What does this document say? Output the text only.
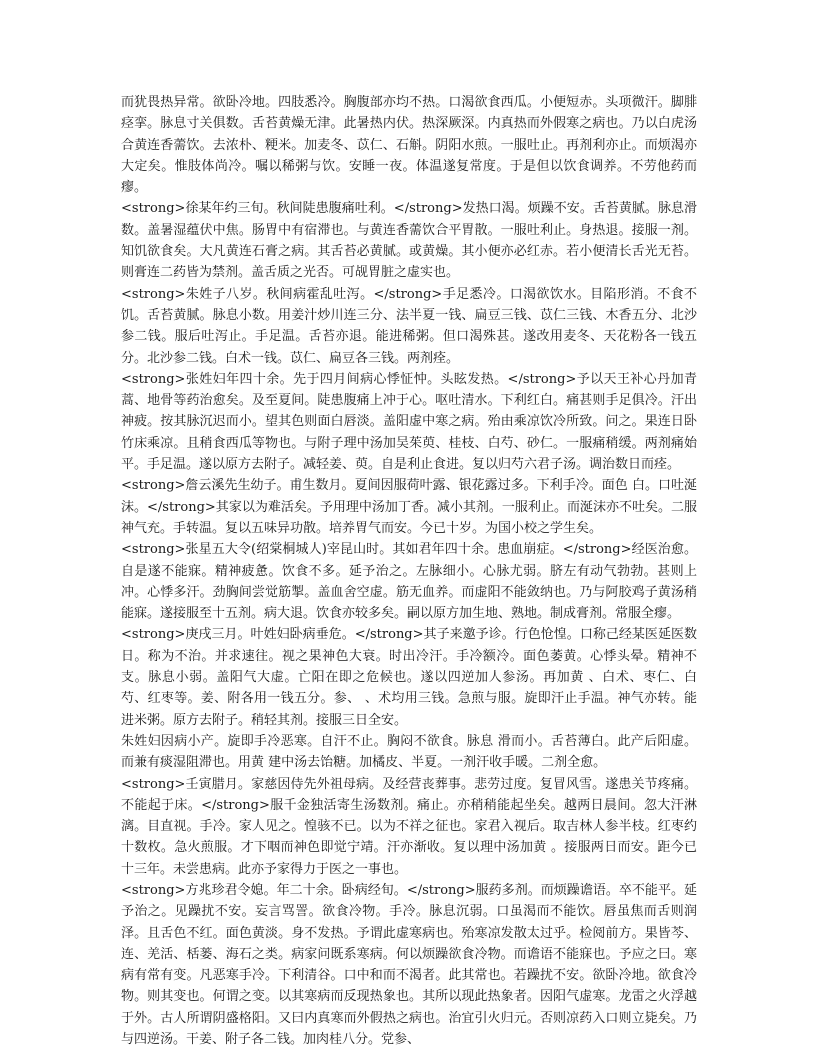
而犹畏热异常。欲卧冷地。四肢悉冷。胸腹部亦均不热。口渴欲食西瓜。小便短赤。头项微汗。脚腓痉挛。脉息寸关俱数。舌苔黄燥无津。此暑热内伏。热深厥深。内真热而外假寒之病也。乃以白虎汤合黄连香薷饮。去浓朴、粳米。加麦冬、苡仁、石斛。阴阳水煎。一服吐止。再剂利亦止。而烦渴亦大定矣。惟肢体尚冷。嘱以稀粥与饮。安睡一夜。体温遂复常度。于是但以饮食调养。不劳他药而瘳。

<strong>徐某年约三旬。秋间陡患腹痛吐利。</strong>发热口渴。烦躁不安。舌苔黄腻。脉息滑数。盖暑湿蕴伏中焦。肠胃中有宿滞也。与黄连香薷饮合平胃散。一服吐利止。身热退。接服一剂。知饥欲食矣。大凡黄连石膏之病。其舌苔必黄腻。或黄燥。其小便亦必红赤。若小便清长舌光无苔。则膏连二药皆为禁剂。盖舌质之光否。可觇胃脏之虚实也。

<strong>朱姓子八岁。秋间病霍乱吐泻。</strong>手足悉冷。口渴欲饮水。目陷形消。不食不饥。舌苔黄腻。脉息小数。用姜汁炒川连三分、法半夏一钱、扁豆三钱、苡仁三钱、木香五分、北沙参二钱。服后吐泻止。手足温。舌苔亦退。能进稀粥。但口渴殊甚。遂改用麦冬、天花粉各一钱五分。北沙参二钱。白术一钱。苡仁、扁豆各三钱。两剂痊。

<strong>张姓妇年四十余。先于四月间病心悸怔忡。头眩发热。</strong>予以天王补心丹加青蒿、地骨等药治愈矣。及至夏间。陡患腹痛上冲于心。呕吐清水。下利红白。痛甚则手足俱冷。汗出神疲。按其脉沉迟而小。望其色则面白唇淡。盖阳虚中寒之病。殆由乘凉饮冷所致。问之。果连日卧竹床乘凉。且稍食西瓜等物也。与附子理中汤加吴茱萸、桂枝、白芍、砂仁。一服痛稍缓。两剂痛始平。手足温。遂以原方去附子。减轻姜、萸。自是利止食进。复以归芍六君子汤。调治数日而痊。

<strong>詹云溪先生幼子。甫生数月。夏间因服荷叶露、银花露过多。下利手冷。面色 白。口吐涎沫。</strong>其家以为难活矣。予用理中汤加丁香。减小其剂。一服利止。而涎沫亦不吐矣。二服神气充。手转温。复以五味异功散。培养胃气而安。今已十岁。为国小校之学生矣。

<strong>张星五大令(绍棠桐城人)宰昆山时。其如君年四十余。患血崩症。</strong>经医治愈。自是遂不能寐。精神疲惫。饮食不多。延予治之。左脉细小。心脉尤弱。脐左有动气勃勃。甚则上冲。心悸多汗。劲胸间尝觉筋掣。盖血舍空虚。筋无血养。而虚阳不能敛纳也。乃与阿胶鸡子黄汤稍能寐。遂接服至十五剂。病大退。饮食亦较多矣。嗣以原方加生地、熟地。制成膏剂。常服全瘳。

<strong>庚戌三月。叶姓妇卧病垂危。</strong>其子来邀予诊。行色怆惶。口称己经某医延医数日。称为不治。并求速往。视之果神色大衰。时出冷汗。手冷额冷。面色萎黄。心悸头晕。精神不支。脉息小弱。盖阳气大虚。亡阳在即之危候也。遂以四逆加人参汤。再加黄 、白术、枣仁、白芍、红枣等。姜、附各用一钱五分。参、 、术均用三钱。急煎与服。旋即汗止手温。神气亦转。能进米粥。原方去附子。稍轻其剂。接服三日全安。

朱姓妇因病小产。旋即手冷恶寒。自汗不止。胸闷不欲食。脉息 滑而小。舌苔薄白。此产后阳虚。而兼有痰湿阻滞也。用黄 建中汤去饴糖。加橘皮、半夏。一剂汗收手暖。二剂全愈。

<strong>壬寅腊月。家慈因侍先外祖母病。及经营丧葬事。悲劳过度。复冒风雪。遂患关节疼痛。不能起于床。</strong>服千金独活寄生汤数剂。痛止。亦稍稍能起坐矣。越两日晨间。忽大汗淋漓。目直视。手冷。家人见之。惶骇不已。以为不祥之征也。家君入视后。取吉林人参半枝。红枣约十数枚。急火煎服。才下咽而神色即觉宁靖。汗亦渐收。复以理中汤加黄 。接服两日而安。距今已十三年。未尝患病。此亦予家得力于医之一事也。

<strong>方兆珍君令媳。年二十余。卧病经旬。</strong>服药多剂。而烦躁谵语。卒不能平。延予治之。见躁扰不安。妄言骂詈。欲食冷物。手冷。脉息沉弱。口虽渴而不能饮。唇虽焦而舌则润泽。且舌色不红。面色黄淡。身不发热。予谓此虚寒病也。殆寒凉发散太过乎。检阅前方。果皆芩、连、羌活、栝蒌、海石之类。病家问既系寒病。何以烦躁欲食冷物。而谵语不能寐也。予应之曰。寒病有常有变。凡恶寒手冷。下利清谷。口中和而不渴者。此其常也。若躁扰不安。欲卧冷地。欲食冷物。则其变也。何谓之变。以其寒病而反现热象也。其所以现此热象者。因阳气虚寒。龙雷之火浮越于外。古人所谓阴盛格阳。又曰内真寒而外假热之病也。治宜引火归元。否则凉药入口则立毙矣。乃与四逆汤。干姜、附子各二钱。加肉桂八分。党参、
